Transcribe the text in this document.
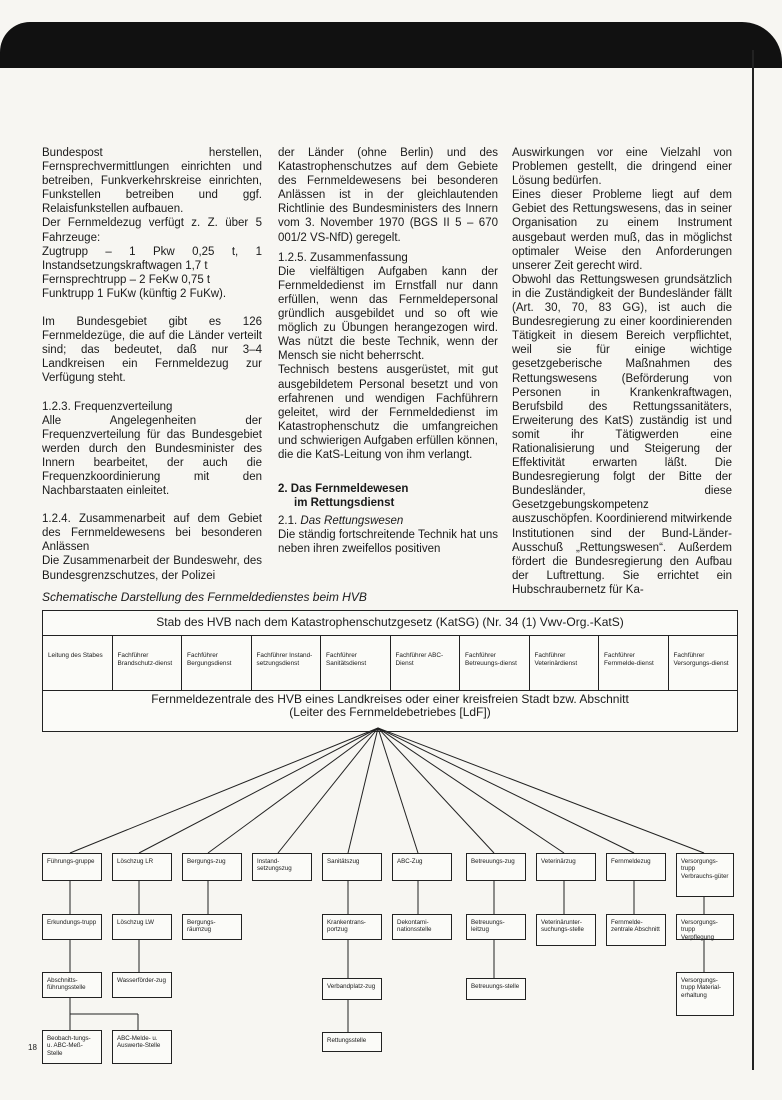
Bundespost herstellen, Fernsprechvermittlungen einrichten und betreiben, Funkverkehrskreise einrichten, Funkstellen betreiben und ggf. Relaisfunkstellen aufbauen.

Der Fernmeldezug verfügt z. Z. über 5 Fahrzeuge:

Zugtrupp – 1 Pkw 0,25 t, 1 Instandsetzungskraftwagen 1,7 t

Fernsprechtrupp – 2 FeKw 0,75 t

Funktrupp 1 FuKw (künftig 2 FuKw).

Im Bundesgebiet gibt es 126 Fernmeldezüge, die auf die Länder verteilt sind; das bedeutet, daß nur 3–4 Landkreisen ein Fernmeldezug zur Verfügung steht.

1.2.3. Frequenzverteilung

Alle Angelegenheiten der Frequenzverteilung für das Bundesgebiet werden durch den Bundesminister des Innern bearbeitet, der auch die Frequenzkoordinierung mit den Nachbarstaaten einleitet.

1.2.4. Zusammenarbeit auf dem Gebiet des Fernmeldewesens bei besonderen Anlässen

Die Zusammenarbeit der Bundeswehr, des Bundesgrenzschutzes, der Polizei

der Länder (ohne Berlin) und des Katastrophenschutzes auf dem Gebiete des Fernmeldewesens bei besonderen Anlässen ist in der gleichlautenden Richtlinie des Bundesministers des Innern vom 3. November 1970 (BGS II 5 – 670 001/2 VS-NfD) geregelt.

1.2.5. Zusammenfassung

Die vielfältigen Aufgaben kann der Fernmeldedienst im Ernstfall nur dann erfüllen, wenn das Fernmeldepersonal gründlich ausgebildet und so oft wie möglich zu Übungen herangezogen wird. Was nützt die beste Technik, wenn der Mensch sie nicht beherrscht.

Technisch bestens ausgerüstet, mit gut ausgebildetem Personal besetzt und von erfahrenen und wendigen Fachführern geleitet, wird der Fernmeldedienst im Katastrophenschutz die umfangreichen und schwierigen Aufgaben erfüllen können, die die KatS-Leitung von ihm verlangt.

2. Das Fernmeldewesen

im Rettungsdienst

2.1. Das Rettungswesen

Die ständig fortschreitende Technik hat uns neben ihren zweifellos positiven

Auswirkungen vor eine Vielzahl von Problemen gestellt, die dringend einer Lösung bedürfen.

Eines dieser Probleme liegt auf dem Gebiet des Rettungswesens, das in seiner Organisation zu einem Instrument ausgebaut werden muß, das in möglichst optimaler Weise den Anforderungen unserer Zeit gerecht wird.

Obwohl das Rettungswesen grundsätzlich in die Zuständigkeit der Bundesländer fällt (Art. 30, 70, 83 GG), ist auch die Bundesregierung zu einer koordinierenden Tätigkeit in diesem Bereich verpflichtet, weil sie für einige wichtige gesetzgeberische Maßnahmen des Rettungswesens (Beförderung von Personen in Krankenkraftwagen, Berufsbild des Rettungssanitäters, Erweiterung des KatS) zuständig ist und somit ihr Tätigwerden eine Rationalisierung und Steigerung der Effektivität erwarten läßt. Die Bundesregierung folgt der Bitte der Bundesländer, diese Gesetzgebungskompetenz auszuschöpfen. Koordinierend mitwirkende Institutionen sind der Bund-Länder-Ausschuß „Rettungswesen“. Außerdem fördert die Bundesregierung den Aufbau der Luftrettung. Sie errichtet ein Hubschraubernetz für Ka-

Schematische Darstellung des Fernmeldedienstes beim HVB
Stab des HVB nach dem Katastrophenschutzgesetz (KatSG) (Nr. 34 (1) Vwv-Org.-KatS)
Leitung des Stabes	Fachführer Brandschutz-dienst
Fachführer Bergungsdienst
Fachführer Instand-setzungsdienst
Fachführer Sanitätsdienst
Fachführer ABC-Dienst
Fachführer Betreuungs-dienst
Fachführer Veterinärdienst
Fachführer Fernmelde-dienst
Fachführer Versorgungs-dienst
Fernmeldezentrale des HVB eines Landkreises oder einer kreisfreien Stadt bzw. Abschnitt
(Leiter des Fernmeldebetriebes [LdF])
Führungs-gruppe	Löschzug LR	Bergungs-zug	Instand-setzungszug
Sanitätszug	ABC-Zug	Betreuungs-zug	Veterinärzug	Fernmeldezug	Versorgungs-trupp Verbrauchs-güter
Erkundungs-trupp	Löschzug LW	Bergungs-räumzug
Krankentrans-portzug
Dekontami-nationsstelle
Betreuungs-leitzug
Veterinärunter-suchungs-stelle
Fernmelde-zentrale Abschnitt
Versorgungs-trupp Verpflegung
Abschnitts-führungsstelle
Wasserförder-zug
Verbandplatz-zug	Betreuungs-stelle
Versorgungs-trupp Material-erhaltung
Beobach-tungs- u. ABC-Meß-Stelle
ABC-Melde- u. Auswerte-Stelle
Rettungsstelle
18
